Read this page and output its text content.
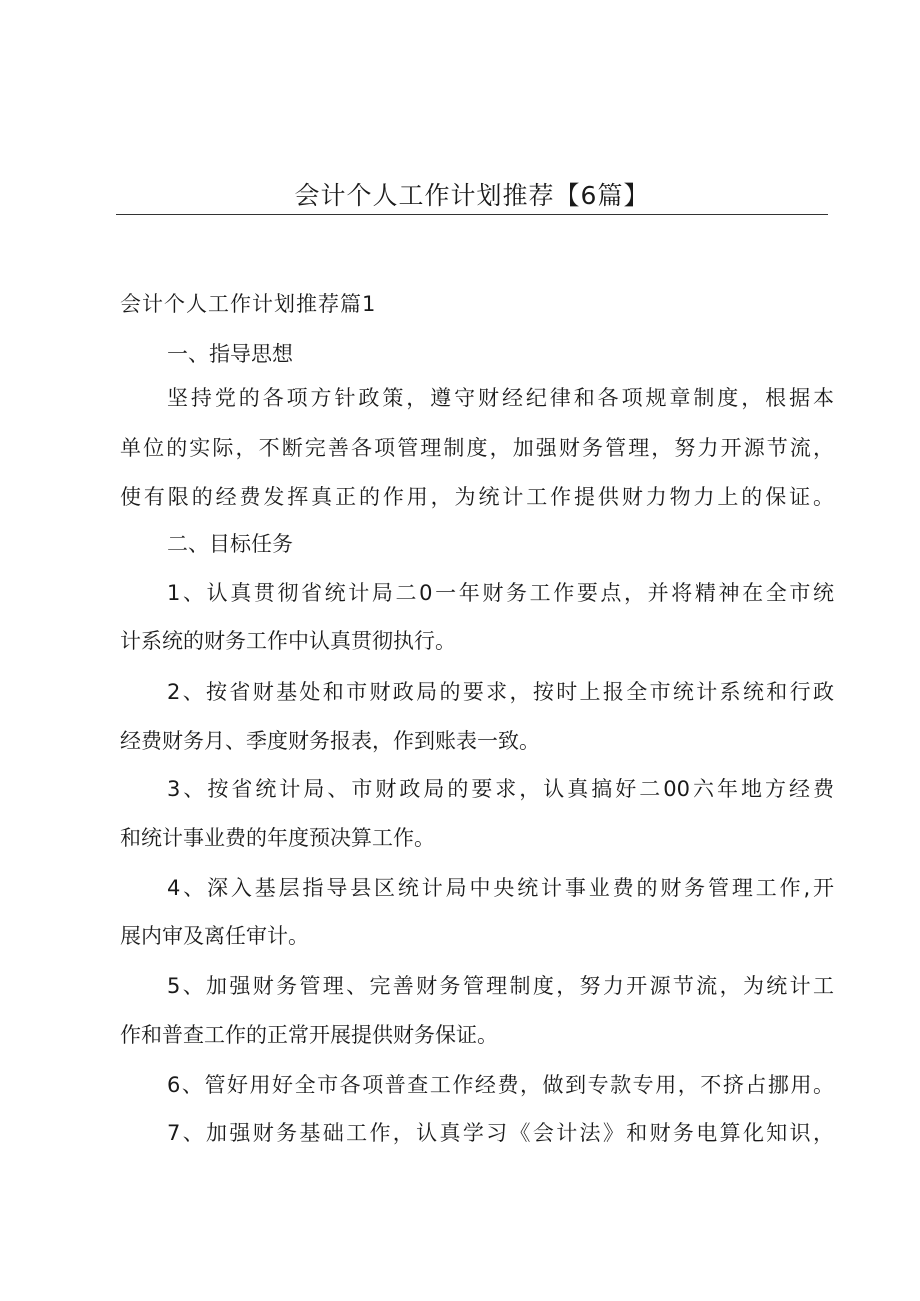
会计个人工作计划推荐【6篇】
会计个人工作计划推荐篇1
一、指导思想
坚持党的各项方针政策，遵守财经纪律和各项规章制度，根据本
单位的实际，不断完善各项管理制度，加强财务管理，努力开源节流，
使有限的经费发挥真正的作用，为统计工作提供财力物力上的保证。
二、目标任务
1、认真贯彻省统计局二0一年财务工作要点，并将精神在全市统
计系统的财务工作中认真贯彻执行。
2、按省财基处和市财政局的要求，按时上报全市统计系统和行政
经费财务月、季度财务报表，作到账表一致。
3、按省统计局、市财政局的要求，认真搞好二00六年地方经费
和统计事业费的年度预决算工作。
4、深入基层指导县区统计局中央统计事业费的财务管理工作,开
展内审及离任审计。
5、加强财务管理、完善财务管理制度，努力开源节流，为统计工
作和普查工作的正常开展提供财务保证。
6、管好用好全市各项普查工作经费，做到专款专用，不挤占挪用。
7、加强财务基础工作，认真学习《会计法》和财务电算化知识，
